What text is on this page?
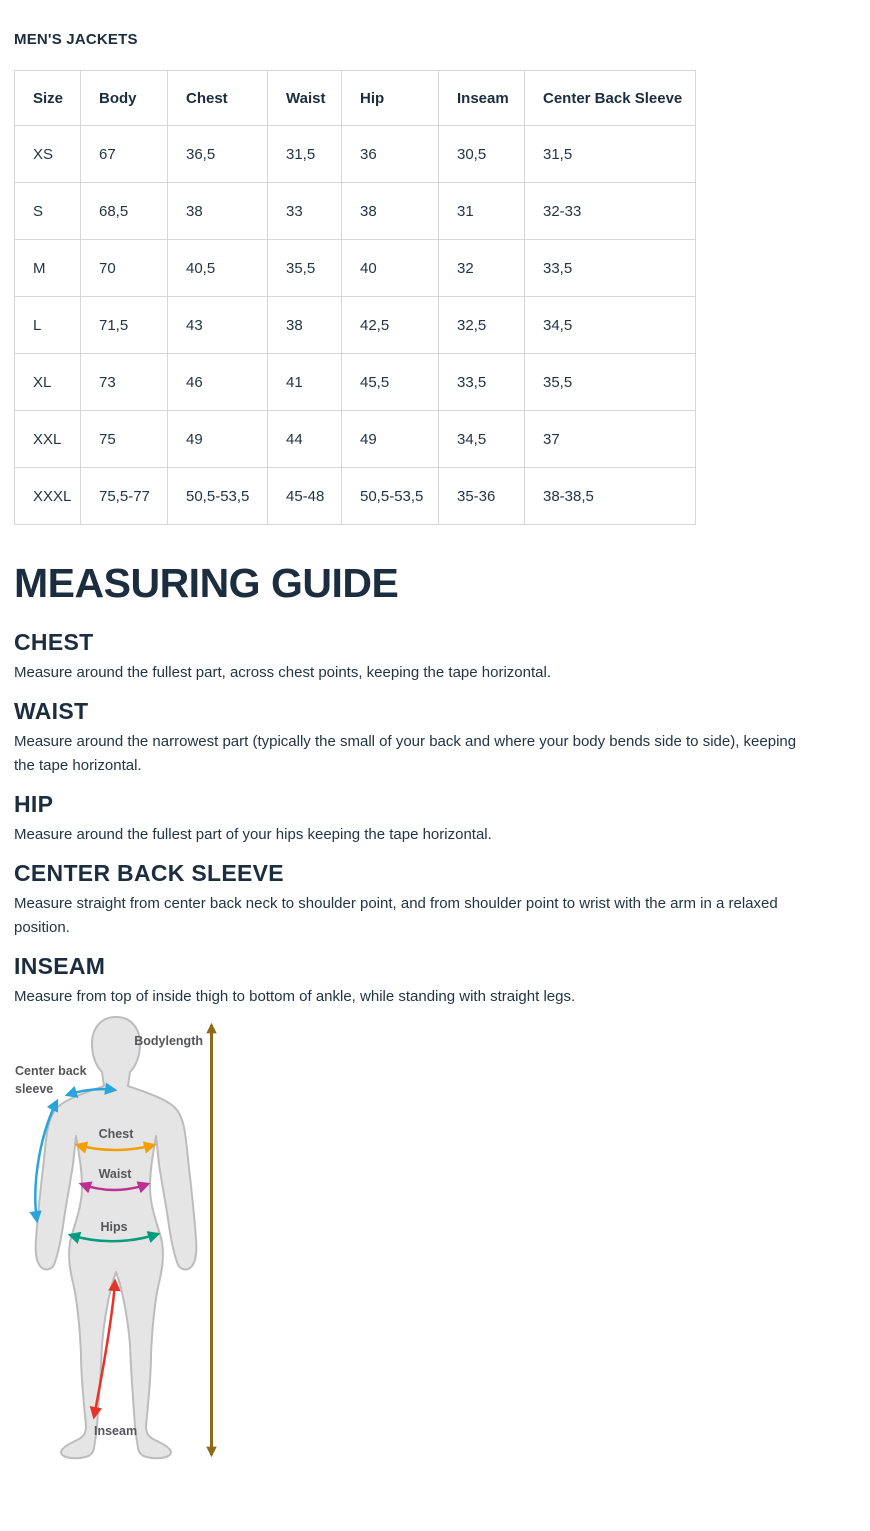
MEN'S JACKETS
Size	Body	Chest	Waist	Hip	Inseam	Center Back Sleeve
XS	67	36,5	31,5	36	30,5	31,5
S	68,5	38	33	38	31	32-33
M	70	40,5	35,5	40	32	33,5
L	71,5	43	38	42,5	32,5	34,5
XL	73	46	41	45,5	33,5	35,5
XXL	75	49	44	49	34,5	37
XXXL	75,5-77	50,5-53,5	45-48	50,5-53,5	35-36	38-38,5
MEASURING GUIDE
CHEST

Measure around the fullest part, across chest points, keeping the tape horizontal.

WAIST

Measure around the narrowest part (typically the small of your back and where your body bends side to side), keeping the tape horizontal.

HIP

Measure around the fullest part of your hips keeping the tape horizontal.

CENTER BACK SLEEVE

Measure straight from center back neck to shoulder point, and from shoulder point to wrist with the arm in a relaxed position.

INSEAM

Measure from top of inside thigh to bottom of ankle, while standing with straight legs.

Bodylength
Center back
sleeve
Chest
Waist
Hips
Inseam
